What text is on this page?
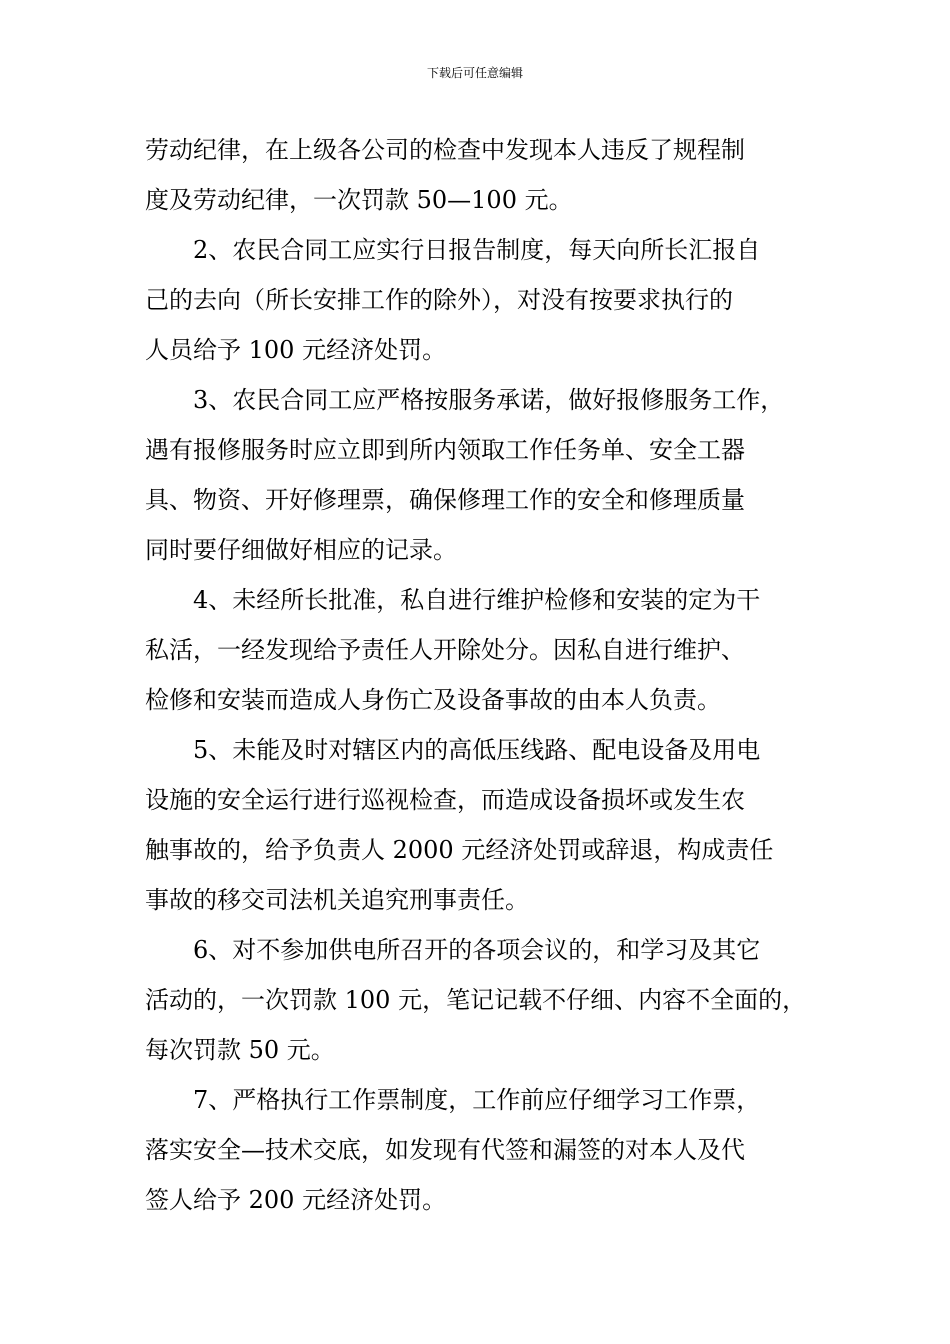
下载后可任意编辑
劳动纪律，在上级各公司的检查中发现本人违反了规程制
度及劳动纪律，一次罚款 50—100 元。
2、农民合同工应实行日报告制度，每天向所长汇报自
己的去向（所长安排工作的除外），对没有按要求执行的
人员给予 100 元经济处罚。
3、农民合同工应严格按服务承诺，做好报修服务工作，
遇有报修服务时应立即到所内领取工作任务单、安全工器
具、物资、开好修理票，确保修理工作的安全和修理质量
同时要仔细做好相应的记录。
4、未经所长批准，私自进行维护检修和安装的定为干
私活，一经发现给予责任人开除处分。因私自进行维护、
检修和安装而造成人身伤亡及设备事故的由本人负责。
5、未能及时对辖区内的高低压线路、配电设备及用电
设施的安全运行进行巡视检查，而造成设备损坏或发生农
触事故的，给予负责人 2000 元经济处罚或辞退，构成责任
事故的移交司法机关追究刑事责任。
6、对不参加供电所召开的各项会议的，和学习及其它
活动的，一次罚款 100 元，笔记记载不仔细、内容不全面的，
每次罚款 50 元。
7、严格执行工作票制度，工作前应仔细学习工作票，
落实安全—技术交底，如发现有代签和漏签的对本人及代
签人给予 200 元经济处罚。
